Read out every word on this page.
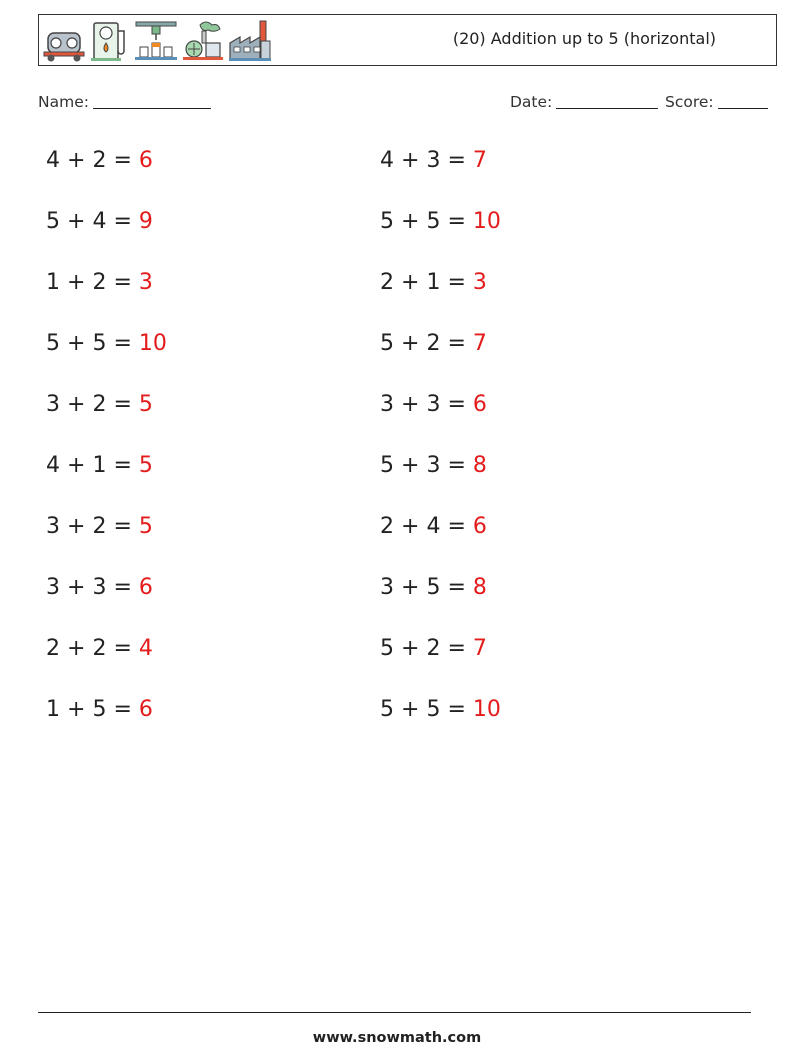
(20) Addition up to 5 (horizontal)
Name:	Date:	Score:
4 + 2 = 6	4 + 3 = 7
5 + 4 = 9	5 + 5 = 10
1 + 2 = 3	2 + 1 = 3
5 + 5 = 10	5 + 2 = 7
3 + 2 = 5	3 + 3 = 6
4 + 1 = 5	5 + 3 = 8
3 + 2 = 5	2 + 4 = 6
3 + 3 = 6	3 + 5 = 8
2 + 2 = 4	5 + 2 = 7
1 + 5 = 6	5 + 5 = 10
www.snowmath.com
